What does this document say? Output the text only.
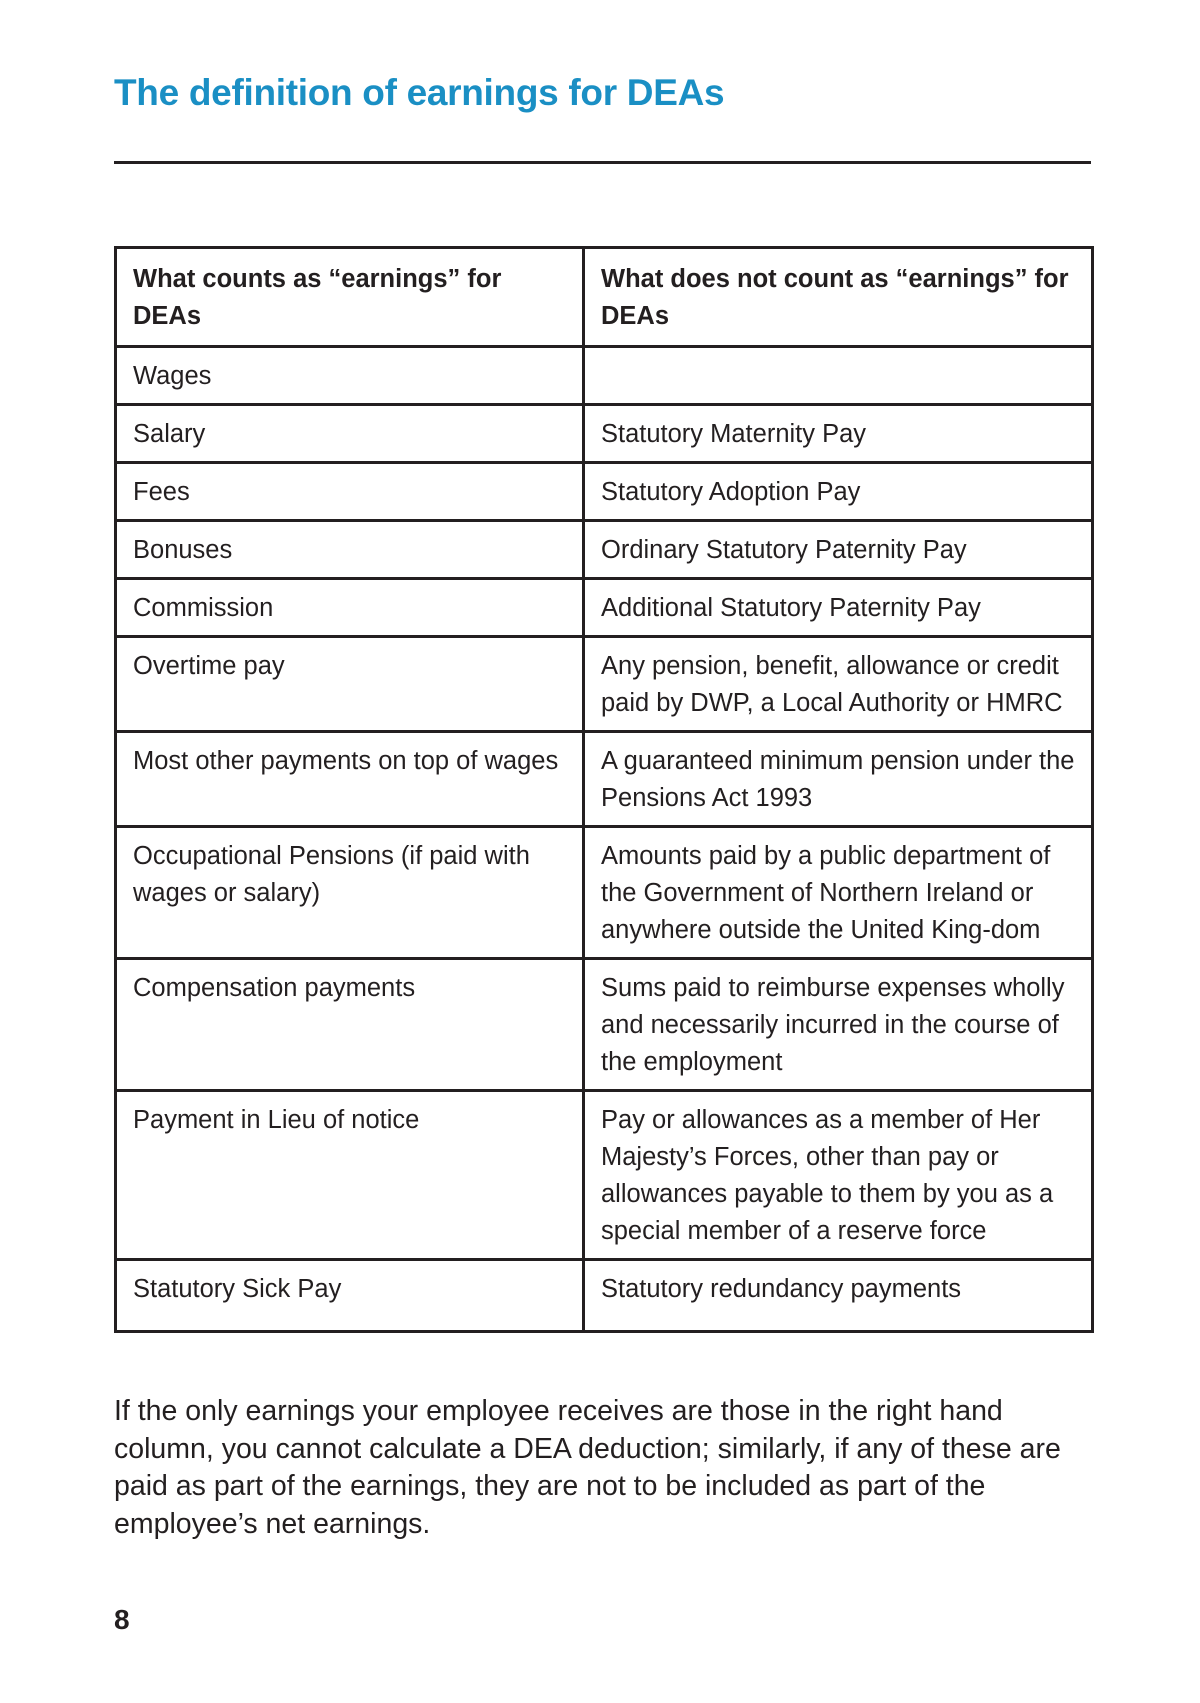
The definition of earnings for DEAs
What counts as “earnings” for DEAs	What does not count as “earnings” for DEAs
Wages	
Salary	Statutory Maternity Pay
Fees	Statutory Adoption Pay
Bonuses	Ordinary Statutory Paternity Pay
Commission	Additional Statutory Paternity Pay
Overtime pay	Any pension, benefit, allowance or credit paid by DWP, a Local Authority or HMRC
Most other payments on top of wages	A guaranteed minimum pension under the Pensions Act 1993
Occupational Pensions (if paid with wages or salary)	Amounts paid by a public department of the Government of Northern Ireland or anywhere outside the United King-dom
Compensation payments	Sums paid to reimburse expenses wholly and necessarily incurred in the course of the employment
Payment in Lieu of notice	Pay or allowances as a member of Her Majesty’s Forces, other than pay or allowances payable to them by you as a special member of a reserve force
Statutory Sick Pay	Statutory redundancy payments

If the only earnings your employee receives are those in the right hand column, you cannot calculate a DEA deduction; similarly, if any of these are paid as part of the earnings, they are not to be included as part of the employee’s net earnings.

8
